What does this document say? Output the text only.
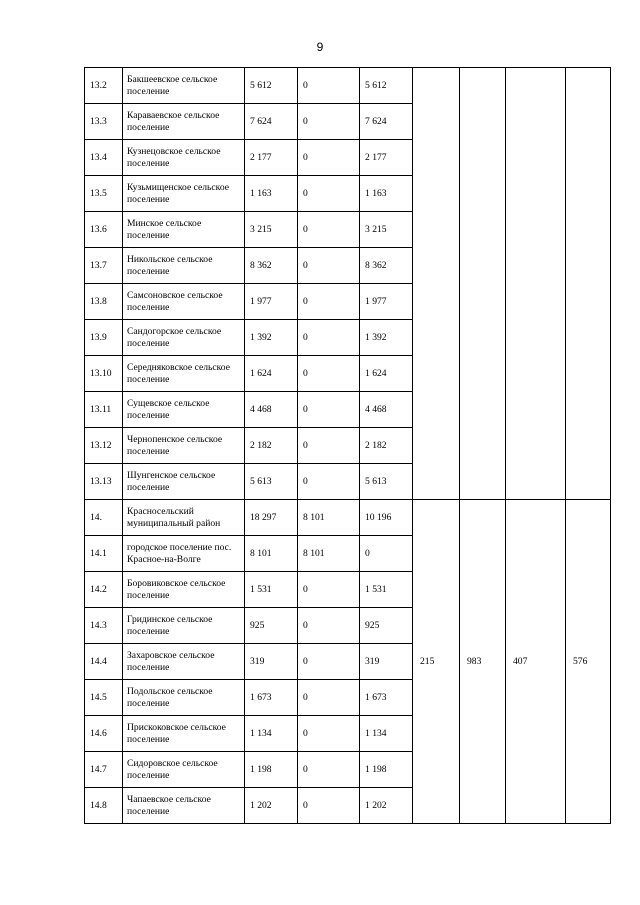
9
13.2	Бакшеевское сельское поселение	5 612	0	5 612				
13.3	Караваевское сельское поселение	7 624	0	7 624				
13.4	Кузнецовское сельское поселение	2 177	0	2 177				
13.5	Кузьмищенское сельское поселение	1 163	0	1 163				
13.6	Минское сельское поселение	3 215	0	3 215				
13.7	Никольское сельское поселение	8 362	0	8 362				
13.8	Самсоновское сельское поселение	1 977	0	1 977				
13.9	Сандогорское сельское поселение	1 392	0	1 392				
13.10	Середняковское сельское поселение	1 624	0	1 624				
13.11	Сущевское сельское поселение	4 468	0	4 468				
13.12	Чернопенское сельское поселение	2 182	0	2 182				
13.13	Шунгенское сельское поселение	5 613	0	5 613				
14.	Красносельский муниципальный район	18 297	8 101	10 196	215	983	407	576
14.1	городское поселение пос. Красное-на-Волге	8 101	8 101	0				
14.2	Боровиковское сельское поселение	1 531	0	1 531				
14.3	Гридинское сельское поселение	925	0	925				
14.4	Захаровское сельское поселение	319	0	319				
14.5	Подольское сельское поселение	1 673	0	1 673				
14.6	Прискоковское сельское поселение	1 134	0	1 134				
14.7	Сидоровское сельское поселение	1 198	0	1 198				
14.8	Чапаевское сельское поселение	1 202	0	1 202				
